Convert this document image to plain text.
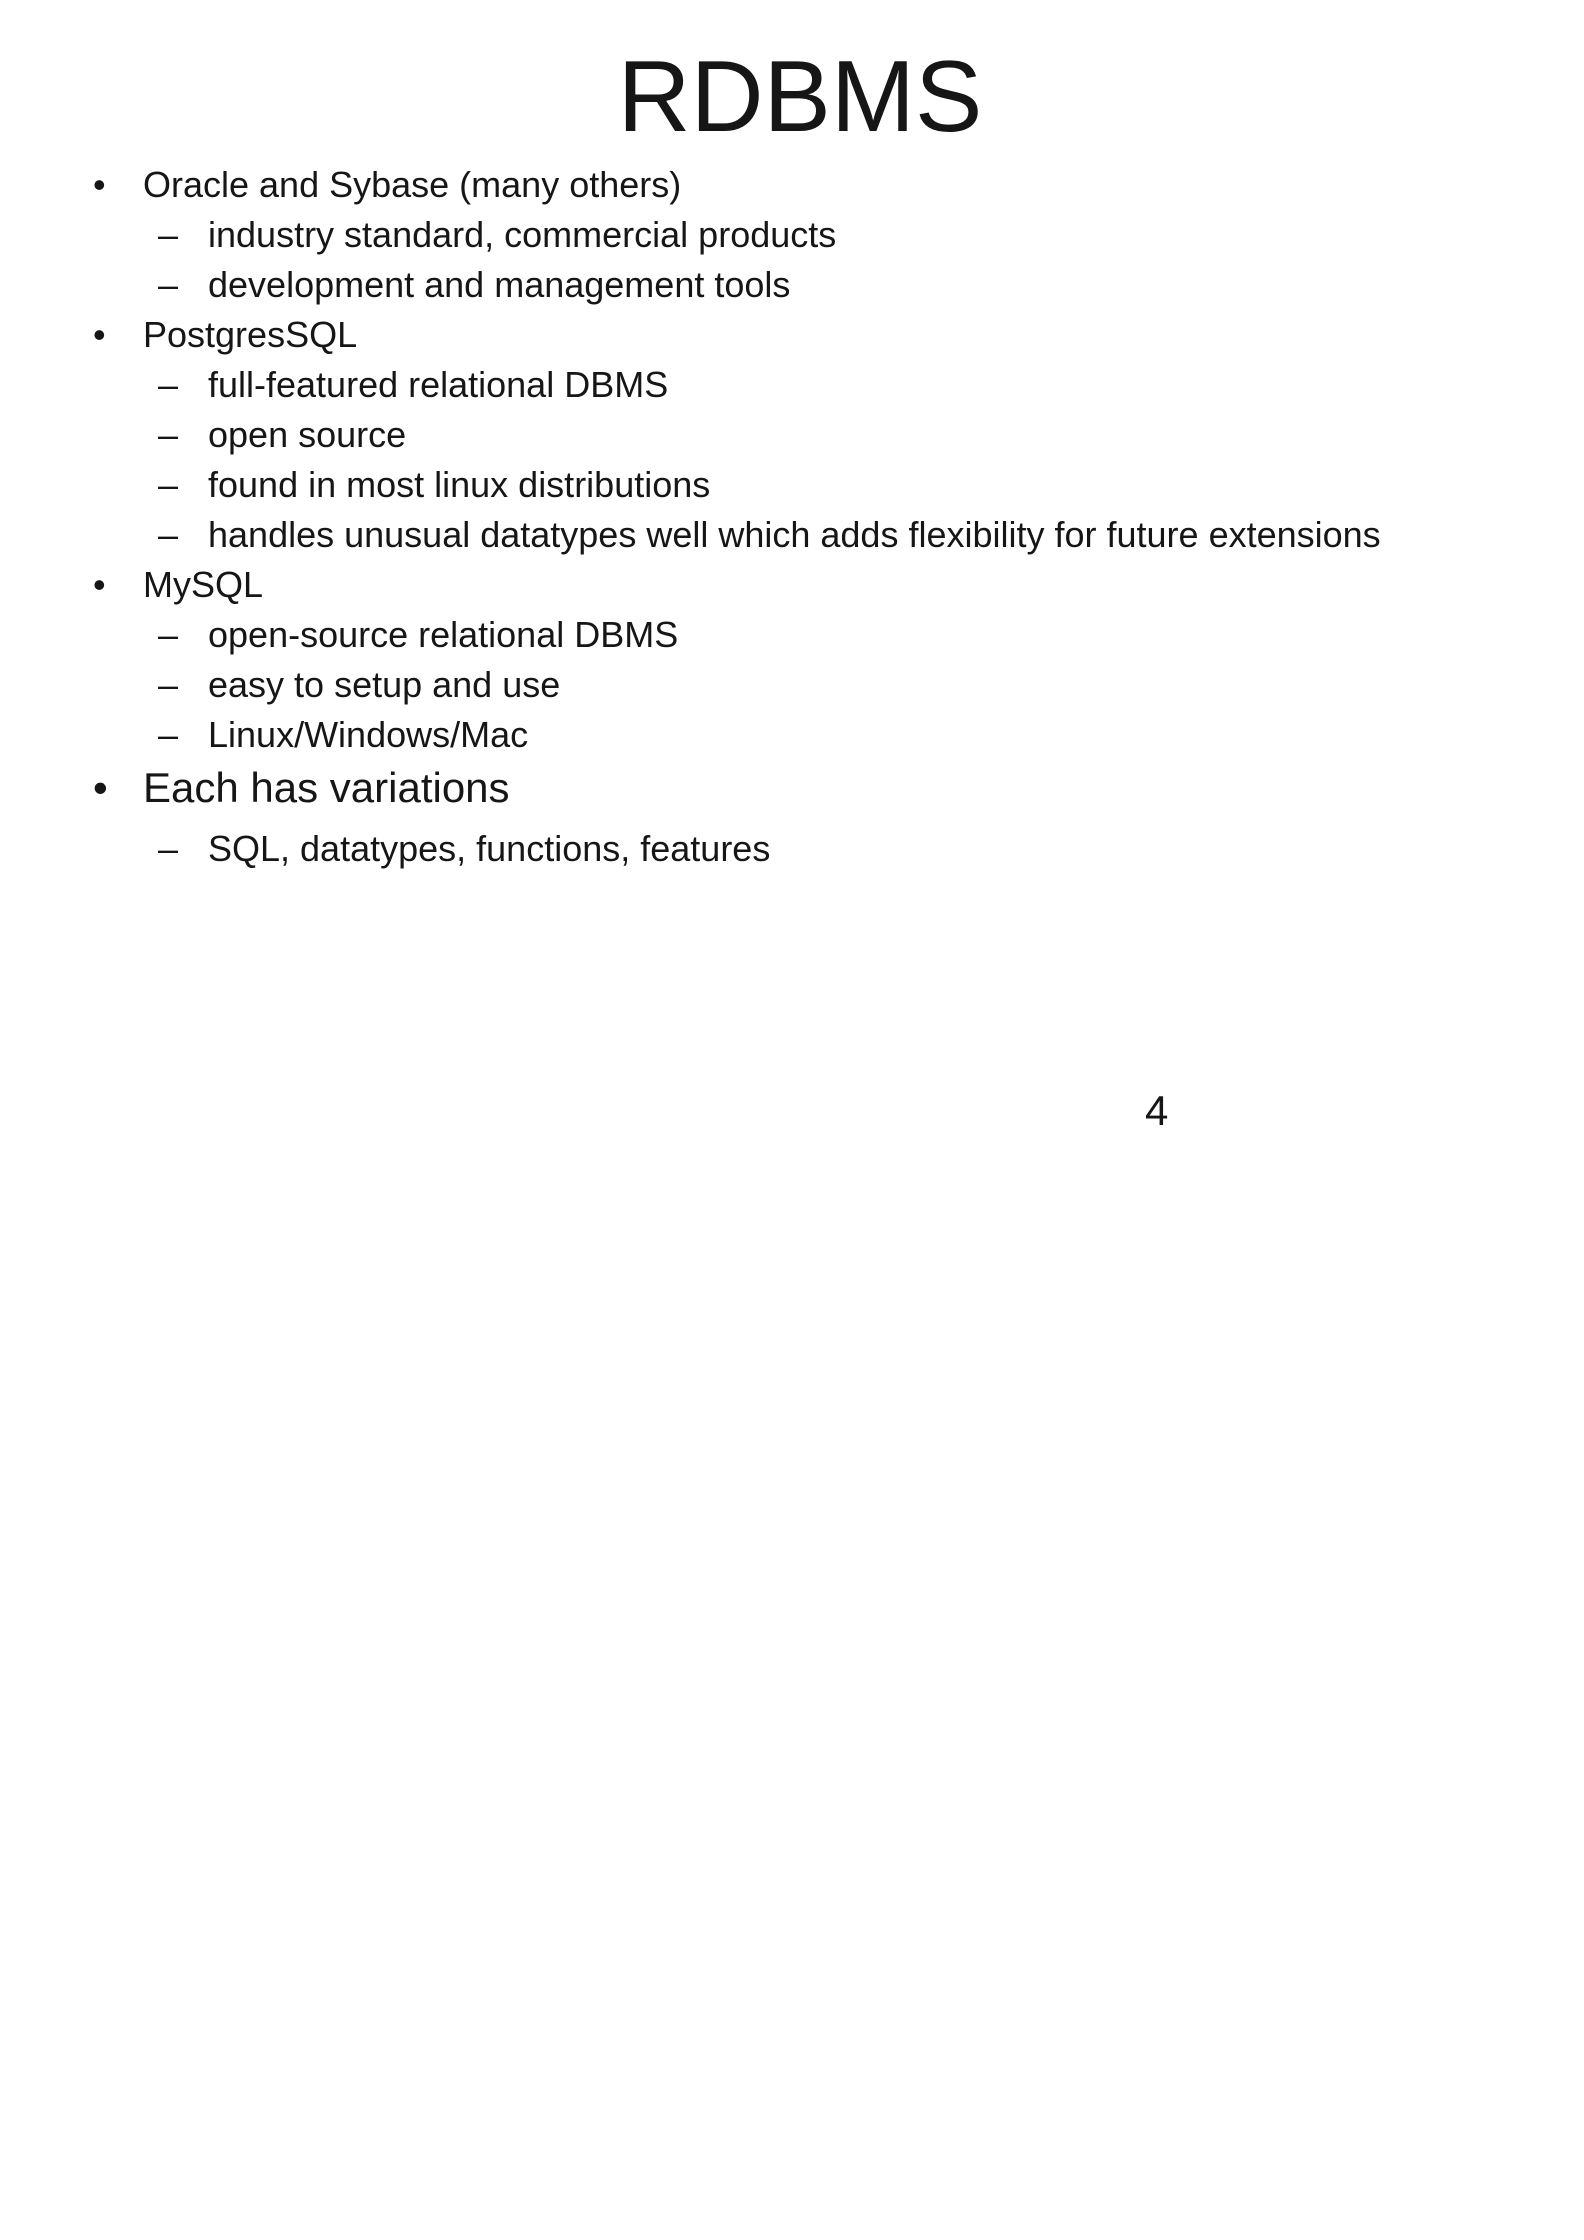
RDBMS
• Oracle and Sybase (many others)
– industry standard, commercial products
– development and management tools
• PostgresSQL
– full-featured relational DBMS
– open source
– found in most linux distributions
– handles unusual datatypes well which adds flexibility for future extensions
• MySQL
– open-source relational DBMS
– easy to setup and use
– Linux/Windows/Mac
• Each has variations
– SQL, datatypes, functions, features
4
